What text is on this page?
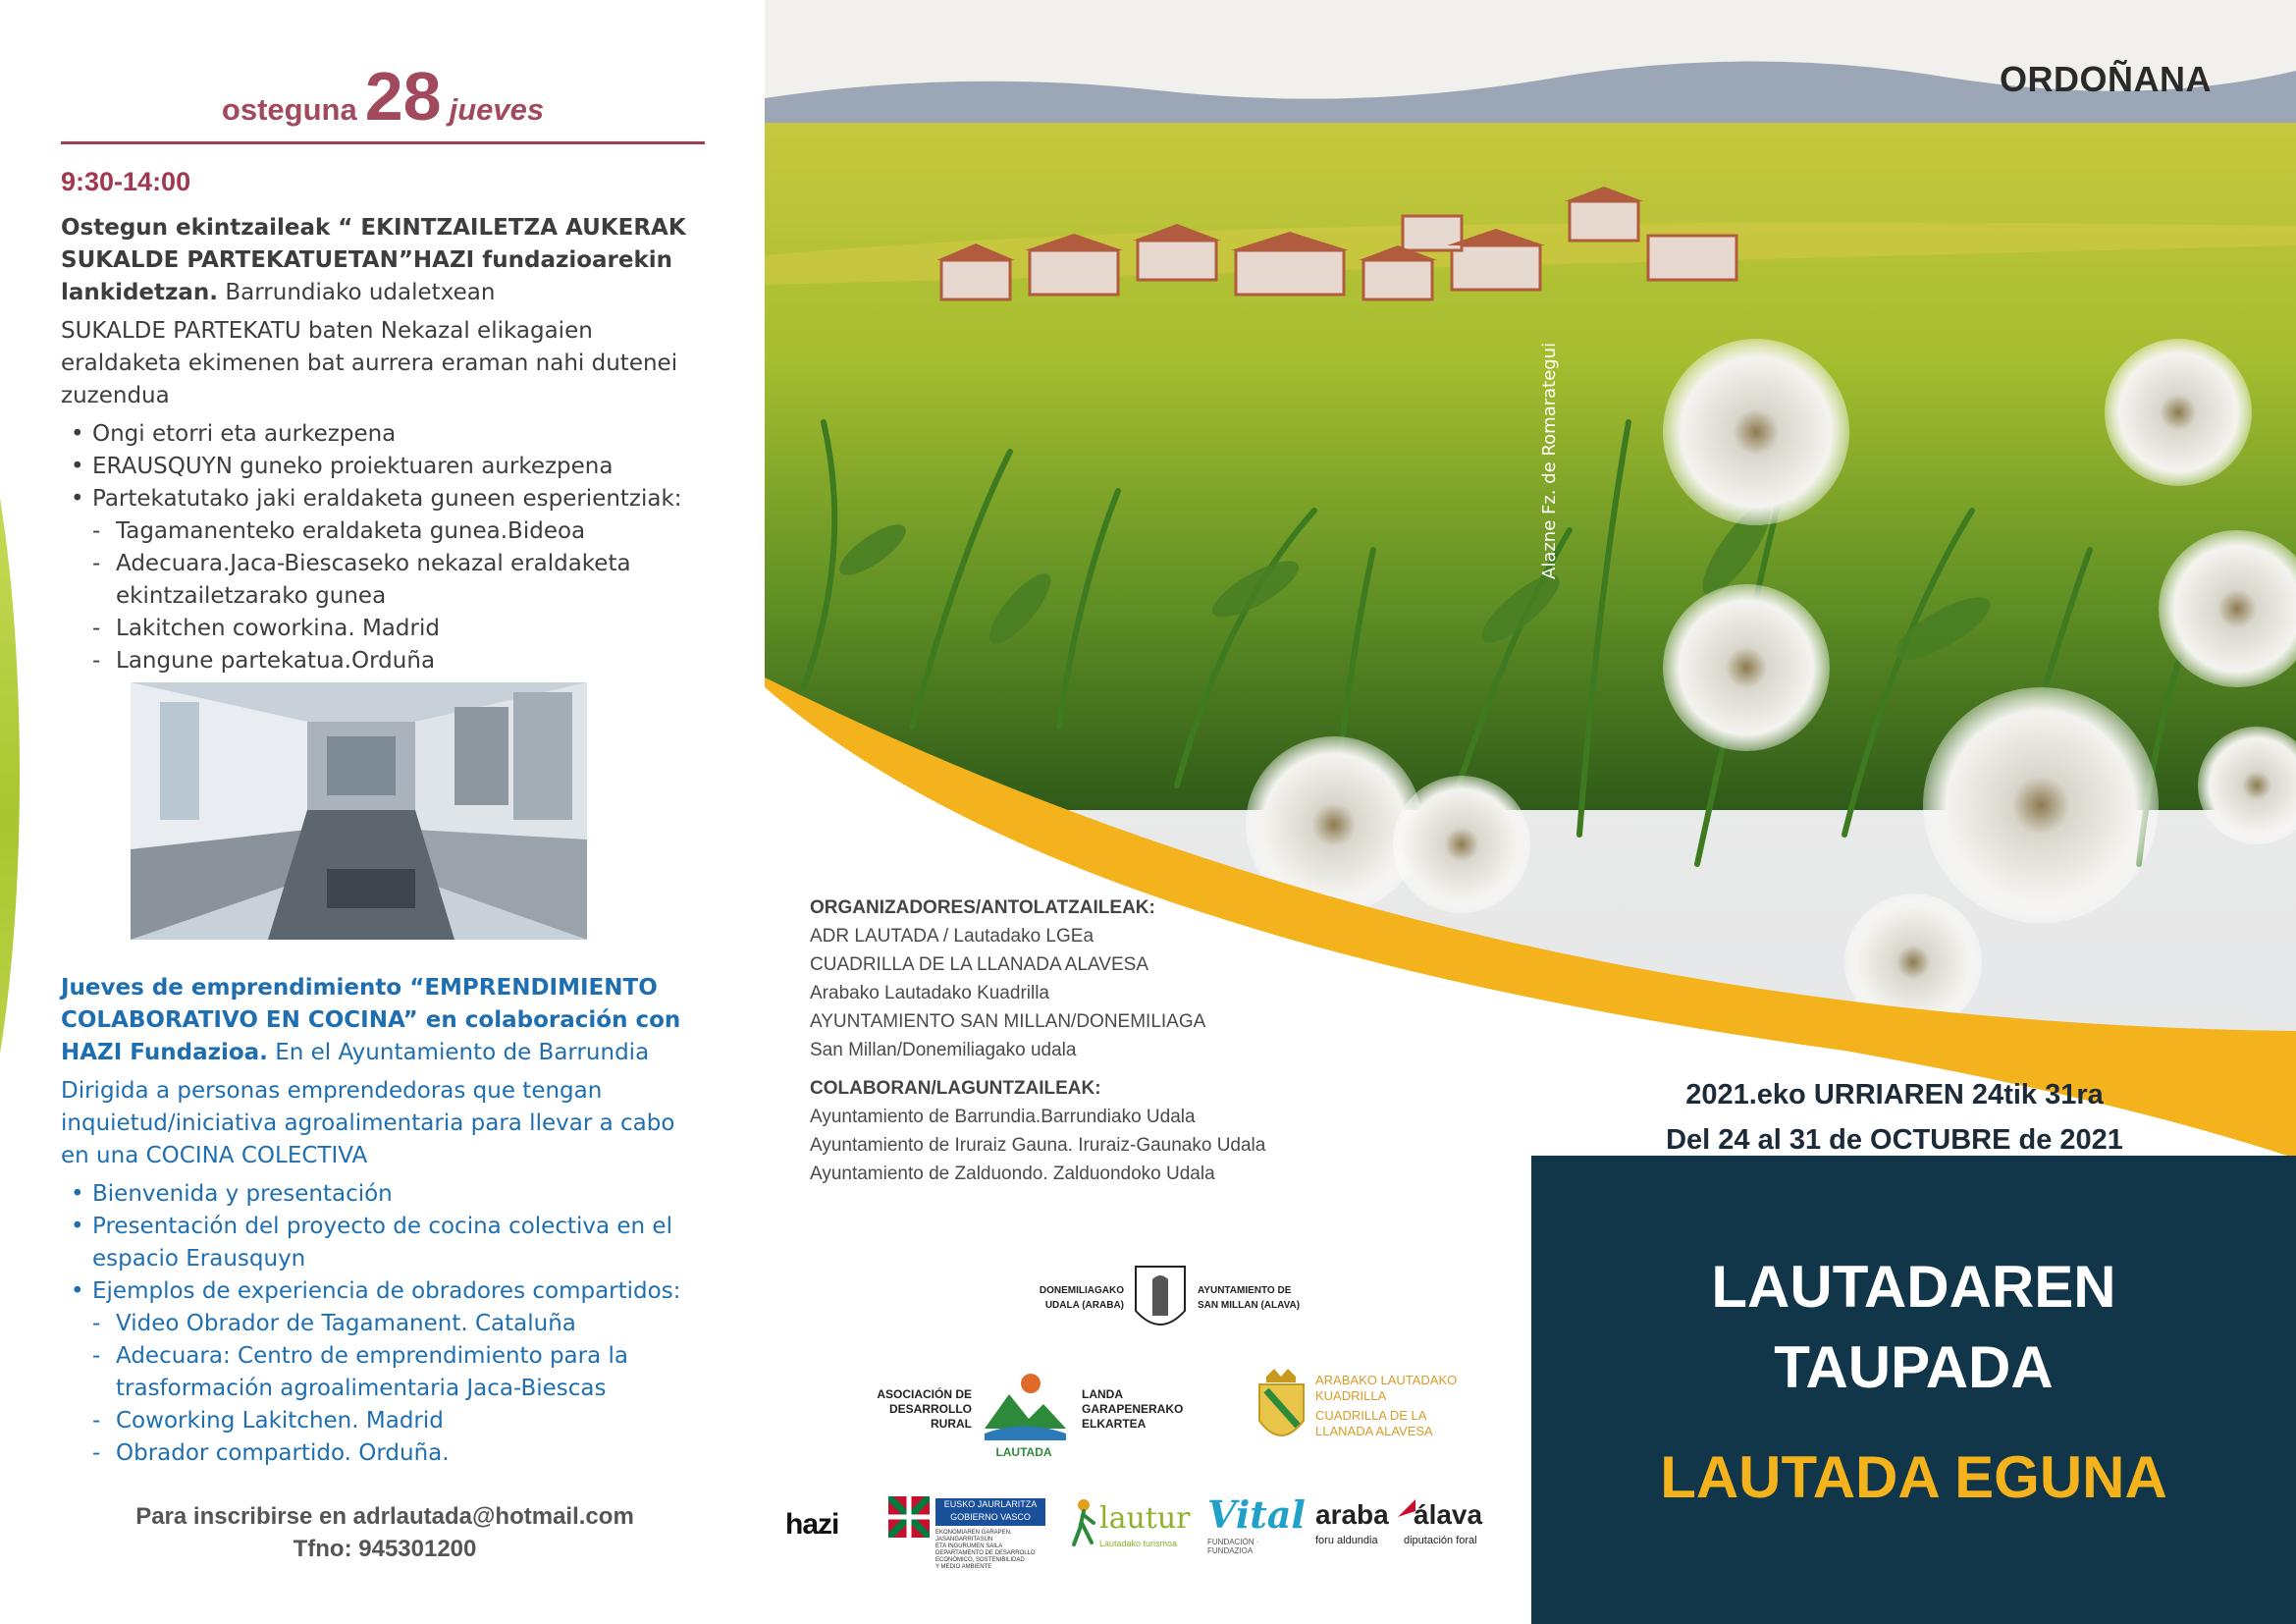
osteguna 28 jueves
9:30-14:00

Ostegun ekintzaileak “ EKINTZAILETZA AUKERAK SUKALDE PARTEKATUETAN”HAZI fundazioarekin lankidetzan. Barrundiako udaletxean

SUKALDE PARTEKATU baten Nekazal elikagaien eraldaketa ekimenen bat aurrera eraman nahi dutenei zuzendua

• Ongi etorri eta aurkezpena
• ERAUSQUYN guneko proiektuaren aurkezpena
• Partekatutako jaki eraldaketa guneen esperientziak:
- Tagamanenteko eraldaketa gunea.Bideoa
- Adecuara.Jaca-Biescaseko nekazal eraldaketa
ekintzailetzarako gunea
- Lakitchen coworkina. Madrid
- Langune partekatua.Orduña

Jueves de emprendimiento “EMPRENDIMIENTO COLABORATIVO EN COCINA” en colaboración con HAZI Fundazioa. En el Ayuntamiento de Barrundia

Dirigida a personas emprendedoras que tengan inquietud/iniciativa agroalimentaria para llevar a cabo en una COCINA COLECTIVA

• Bienvenida y presentación
• Presentación del proyecto de cocina colectiva en el espacio Erausquyn
• Ejemplos de experiencia de obradores compartidos:
- Video Obrador de Tagamanent. Cataluña
- Adecuara: Centro de emprendimiento para la
trasformación agroalimentaria Jaca-Biescas
- Coworking Lakitchen. Madrid
- Obrador compartido. Orduña.
Para inscribirse en adrlautada@hotmail.com
Tfno: 945301200
ORDOÑANA
Alazne Fz. de Romarategui
2021.eko URRIAREN 24tik 31ra
Del 24 al 31 de OCTUBRE de 2021
LAUTADAREN
TAUPADA
LAUTADA EGUNA

ORGANIZADORES/ANTOLATZAILEAK:

ADR LAUTADA / Lautadako LGEa

CUADRILLA DE LA LLANADA ALAVESA

Arabako Lautadako Kuadrilla

AYUNTAMIENTO SAN MILLAN/DONEMILIAGA

San Millan/Donemiliagako udala

COLABORAN/LAGUNTZAILEAK:

Ayuntamiento de Barrundia.Barrundiako Udala

Ayuntamiento de Iruraiz Gauna. Iruraiz-Gaunako Udala

Ayuntamiento de Zalduondo. Zalduondoko Udala

DONEMILIAGAKO
UDALA (ARABA)
AYUNTAMIENTO DE
SAN MILLAN (ALAVA)
ASOCIACIÓN DE
DESARROLLO
RURAL
LAUTADA
LANDA
GARAPENERAKO
ELKARTEA
ARABAKO LAUTADAKO
KUADRILLA
CUADRILLA DE LA
LLANADA ALAVESA
hazi
EUSKO JAURLARITZA
GOBIERNO VASCO
EKONOMIAREN GARAPEN,
JASANGARRITASUN
ETA INGURUMEN SAILA
DEPARTAMENTO DE DESARROLLO
ECONÓMICO, SOSTENIBILIDAD
Y MEDIO AMBIENTE
lautur
Lautadako turismoa
Vital
FUNDACIÓN · FUNDAZIOA
araba álava
foru aldundia diputación foral
